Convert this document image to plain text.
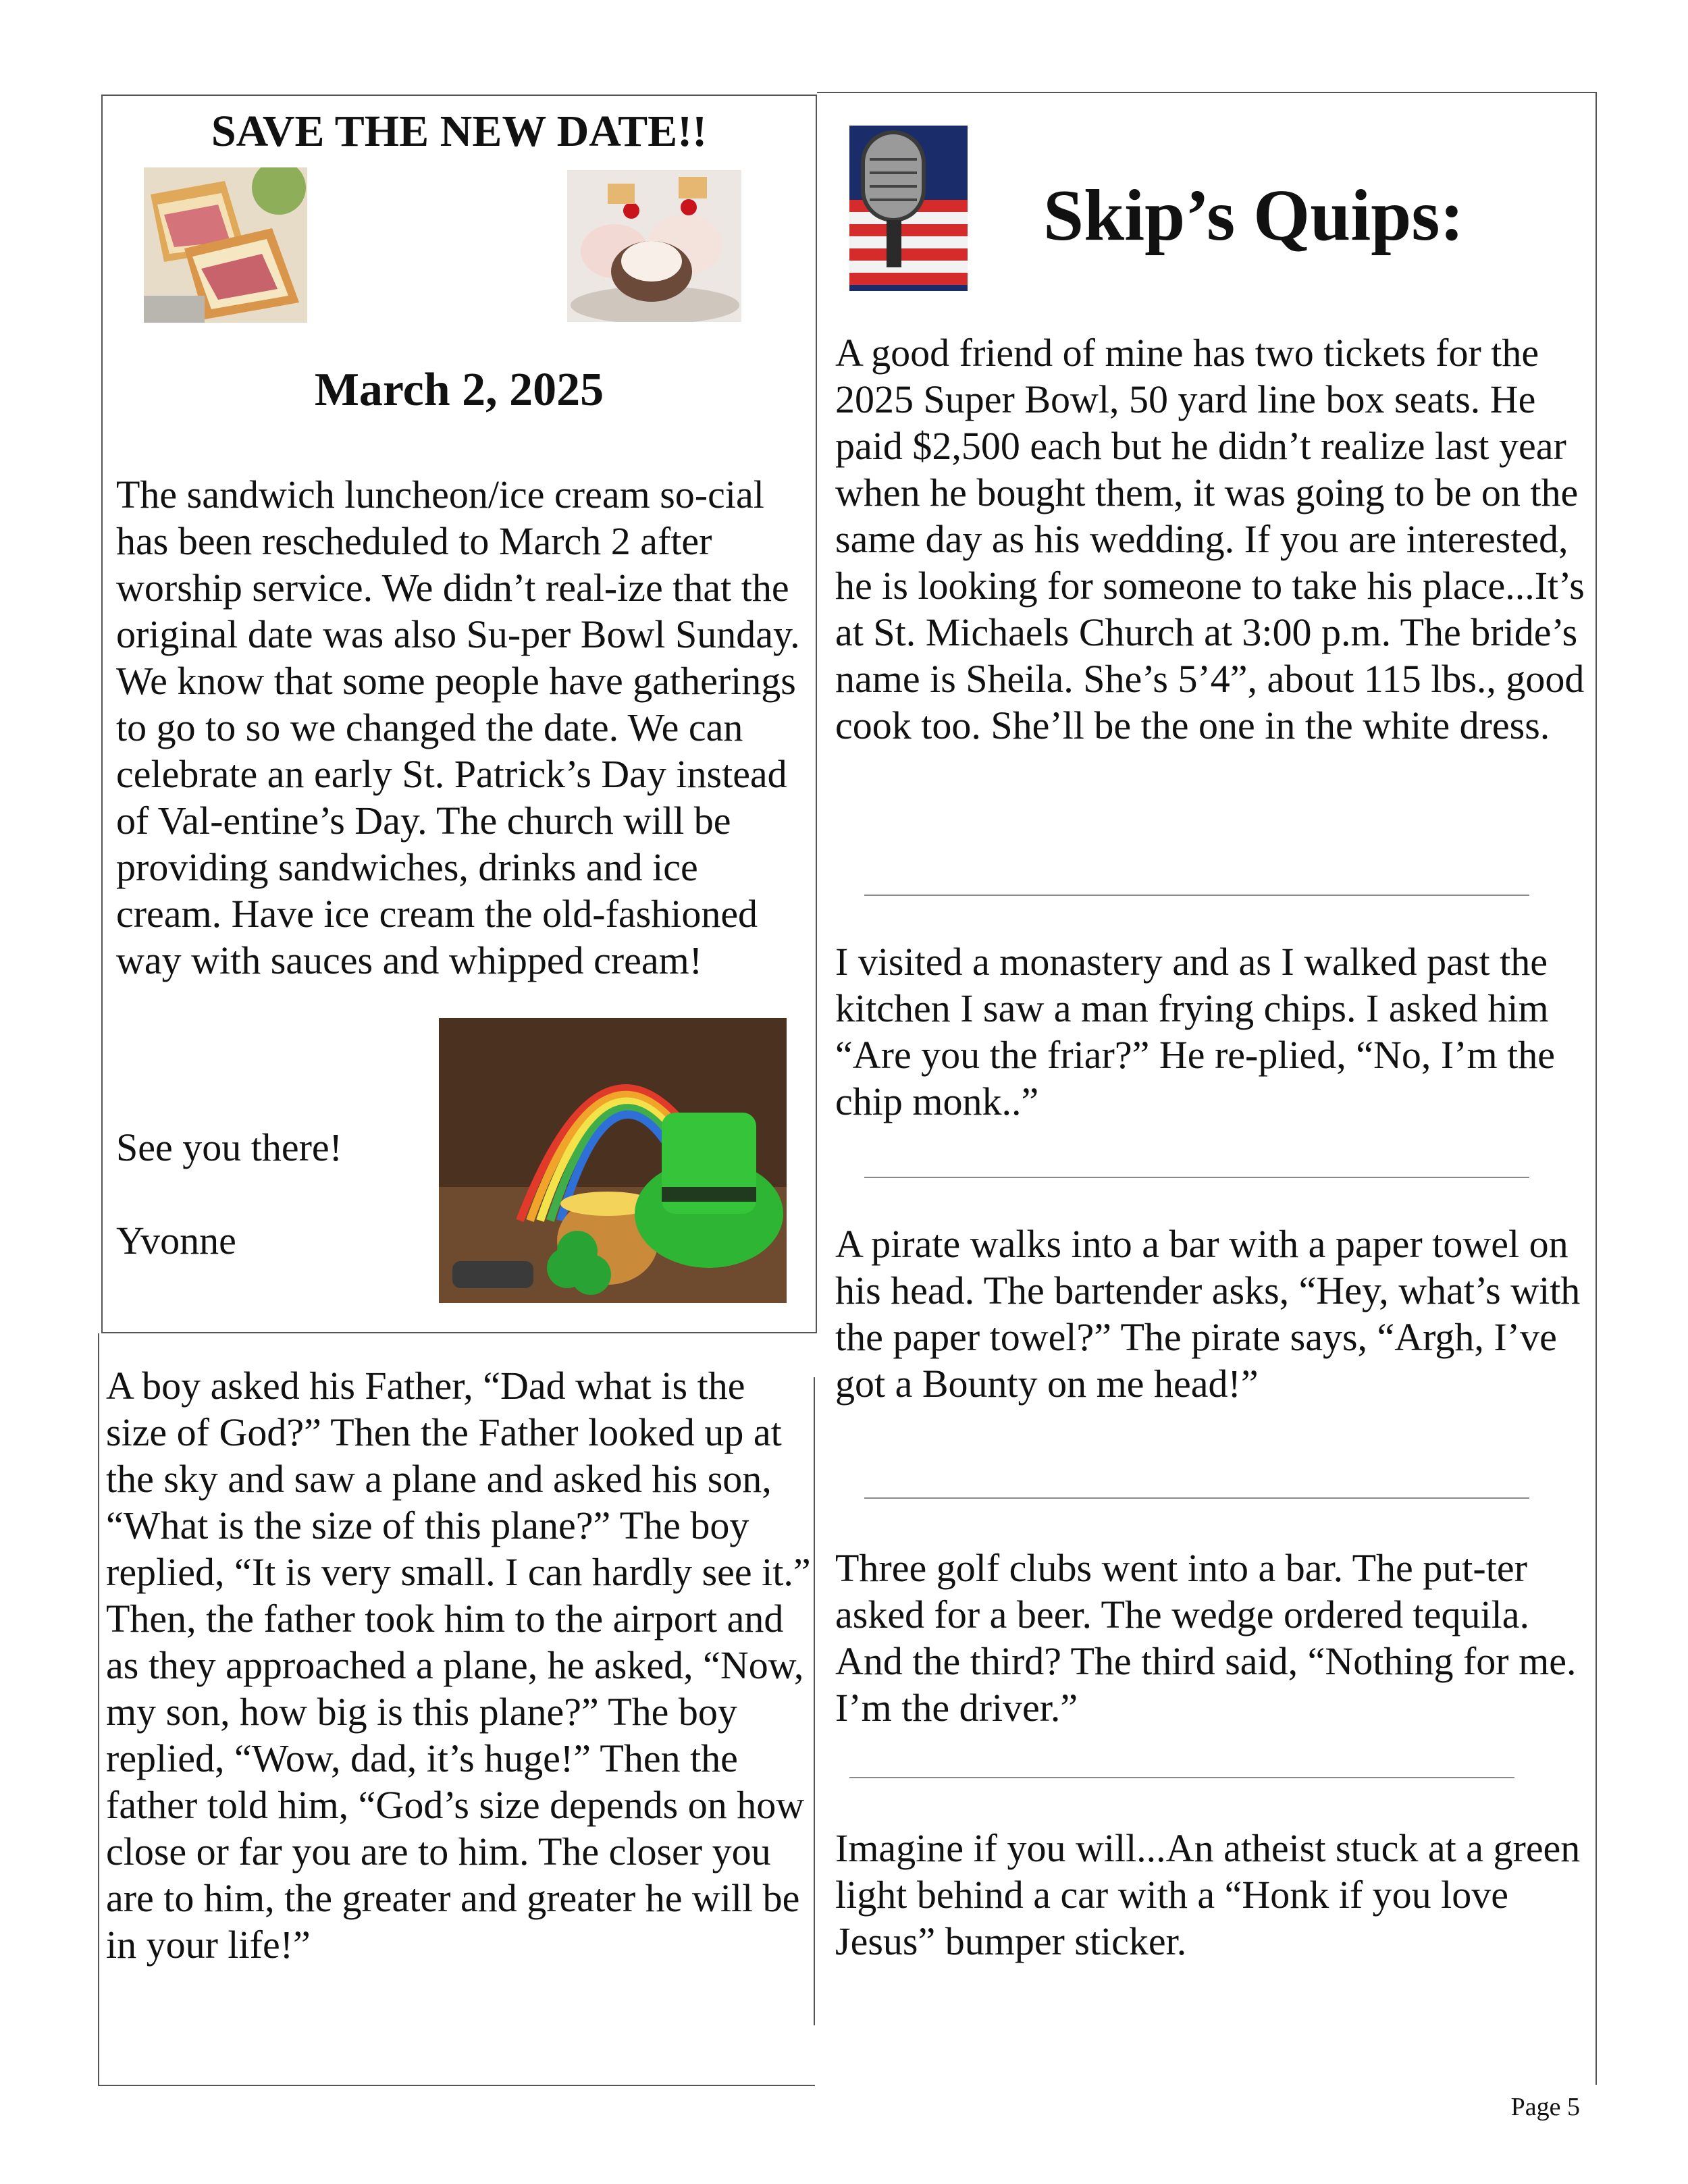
SAVE THE NEW DATE!!
March 2, 2025

The sandwich luncheon/ice cream so-cial has been rescheduled to March 2 after worship service. We didn’t real-ize that the original date was also Su-per Bowl Sunday. We know that some people have gatherings to go to so we changed the date. We can celebrate an early St. Patrick’s Day instead of Val-entine’s Day. The church will be providing sandwiches, drinks and ice cream. Have ice cream the old-fashioned way with sauces and whipped cream!

See you there!

Yvonne

A boy asked his Father, “Dad what is the size of God?” Then the Father looked up at the sky and saw a plane and asked his son, “What is the size of this plane?” The boy replied, “It is very small. I can hardly see it.” Then, the father took him to the airport and as they approached a plane, he asked, “Now, my son, how big is this plane?” The boy replied, “Wow, dad, it’s huge!” Then the father told him, “God’s size depends on how close or far you are to him. The closer you are to him, the greater and greater he will be in your life!”

Skip’s Quips:

A good friend of mine has two tickets for the 2025 Super Bowl, 50 yard line box seats. He paid $2,500 each but he didn’t realize last year when he bought them, it was going to be on the same day as his wedding. If you are interested, he is looking for someone to take his place...It’s at St. Michaels Church at 3:00 p.m. The bride’s name is Sheila. She’s 5’4”, about 115 lbs., good cook too. She’ll be the one in the white dress.

I visited a monastery and as I walked past the kitchen I saw a man frying chips. I asked him “Are you the friar?” He re-plied, “No, I’m the chip monk..”

A pirate walks into a bar with a paper towel on his head. The bartender asks, “Hey, what’s with the paper towel?” The pirate says, “Argh, I’ve got a Bounty on me head!”

Three golf clubs went into a bar. The put-ter asked for a beer. The wedge ordered tequila. And the third? The third said, “Nothing for me. I’m the driver.”

Imagine if you will...An atheist stuck at a green light behind a car with a “Honk if you love Jesus” bumper sticker.

Page 5
